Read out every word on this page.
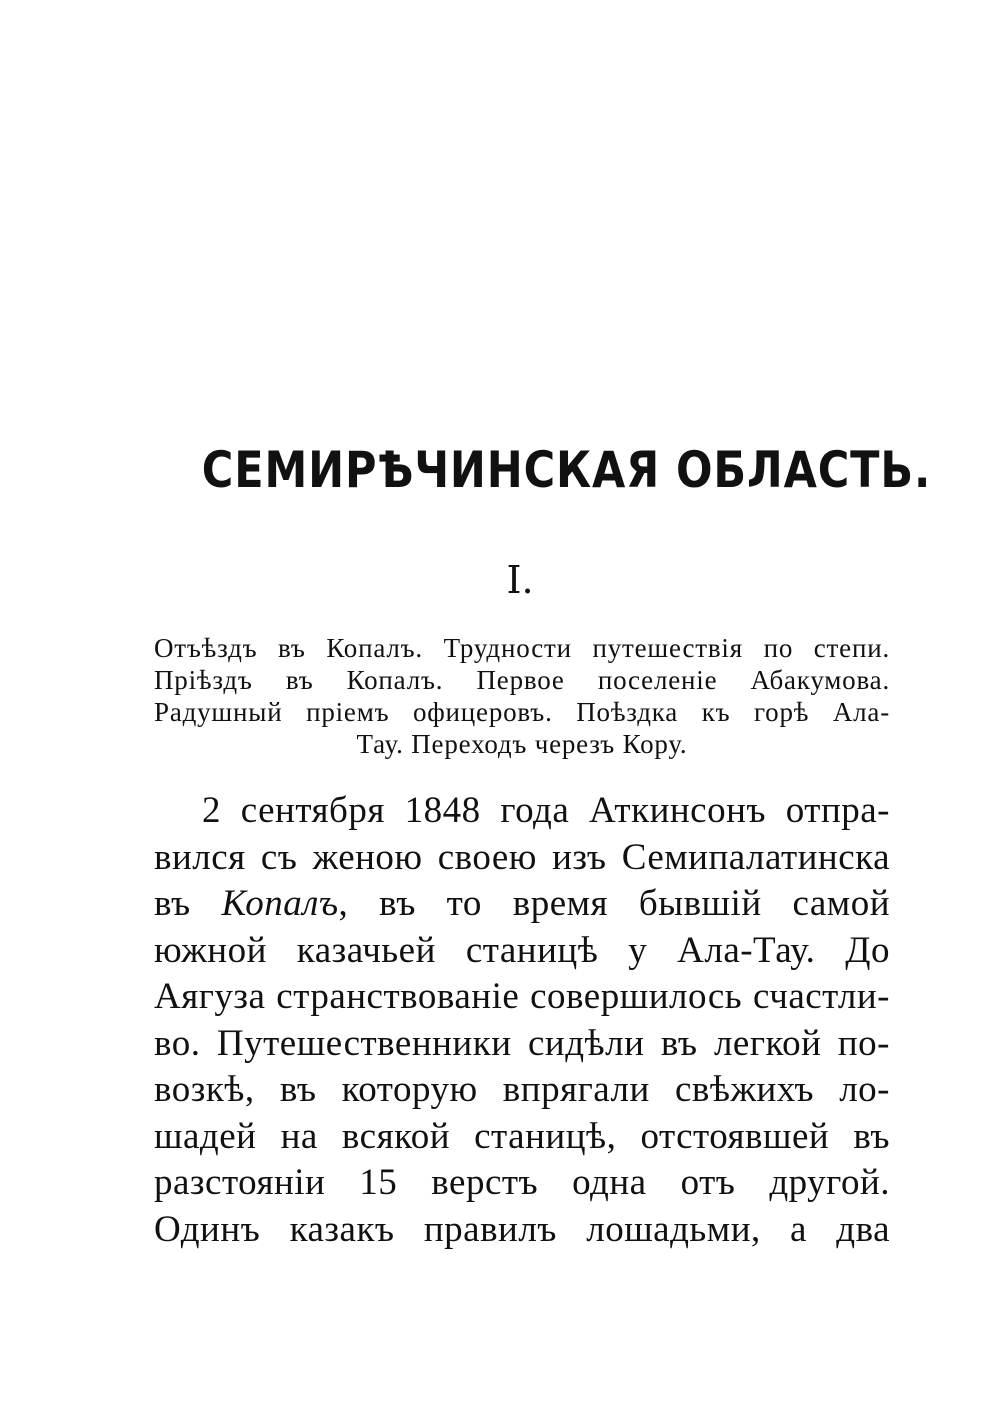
СЕМИРѢЧИНСКАЯ ОБЛАСТЬ.
I.
Отъѣздъ въ Копалъ. Трудности путешествія по степи.
Пріѣздъ въ Копалъ. Первое поселеніе Абакумова.
Радушный пріемъ офицеровъ. Поѣздка къ горѣ Ала-
Тау. Переходъ черезъ Кору.
2 сентября 1848 года Аткинсонъ отпра-
вился съ женою своею изъ Семипалатинска
въ Копалъ, въ то время бывшій самой
южной казачьей станицѣ у Ала-Тау. До
Аягуза странствованіе совершилось счастли-
во. Путешественники сидѣли въ легкой по-
возкѣ, въ которую впрягали свѣжихъ ло-
шадей на всякой станицѣ, отстоявшей въ
разстояніи 15 верстъ одна отъ другой.
Одинъ казакъ правилъ лошадьми, а два
